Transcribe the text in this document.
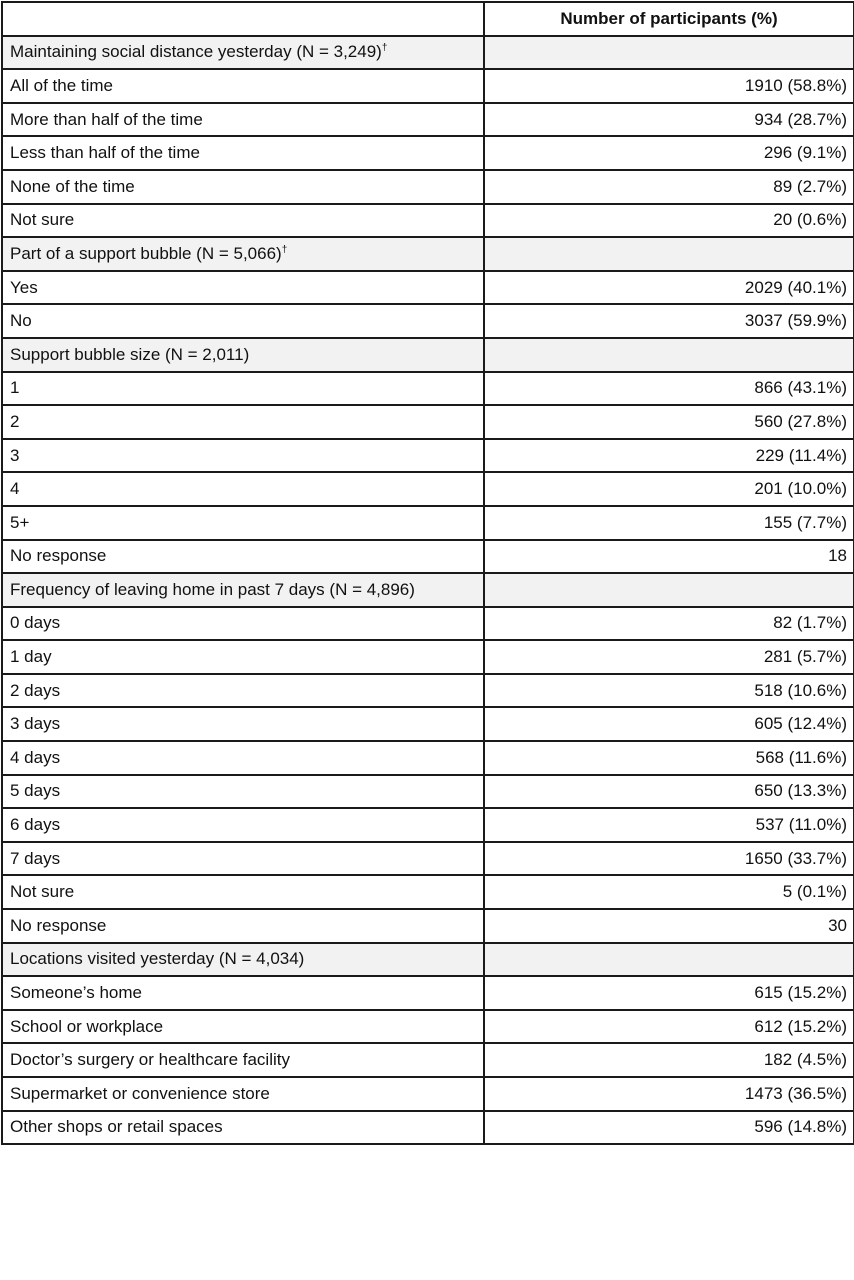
	Number of participants (%)
Maintaining social distance yesterday (N = 3,249)†	
All of the time	1910 (58.8%)
More than half of the time	934 (28.7%)
Less than half of the time	296 (9.1%)
None of the time	89 (2.7%)
Not sure	20 (0.6%)
Part of a support bubble (N = 5,066)†	
Yes	2029 (40.1%)
No	3037 (59.9%)
Support bubble size (N = 2,011)	
1	866 (43.1%)
2	560 (27.8%)
3	229 (11.4%)
4	201 (10.0%)
5+	155 (7.7%)
No response	18
Frequency of leaving home in past 7 days (N = 4,896)	
0 days	82 (1.7%)
1 day	281 (5.7%)
2 days	518 (10.6%)
3 days	605 (12.4%)
4 days	568 (11.6%)
5 days	650 (13.3%)
6 days	537 (11.0%)
7 days	1650 (33.7%)
Not sure	5 (0.1%)
No response	30
Locations visited yesterday (N = 4,034)	
Someone’s home	615 (15.2%)
School or workplace	612 (15.2%)
Doctor’s surgery or healthcare facility	182 (4.5%)
Supermarket or convenience store	1473 (36.5%)
Other shops or retail spaces	596 (14.8%)
